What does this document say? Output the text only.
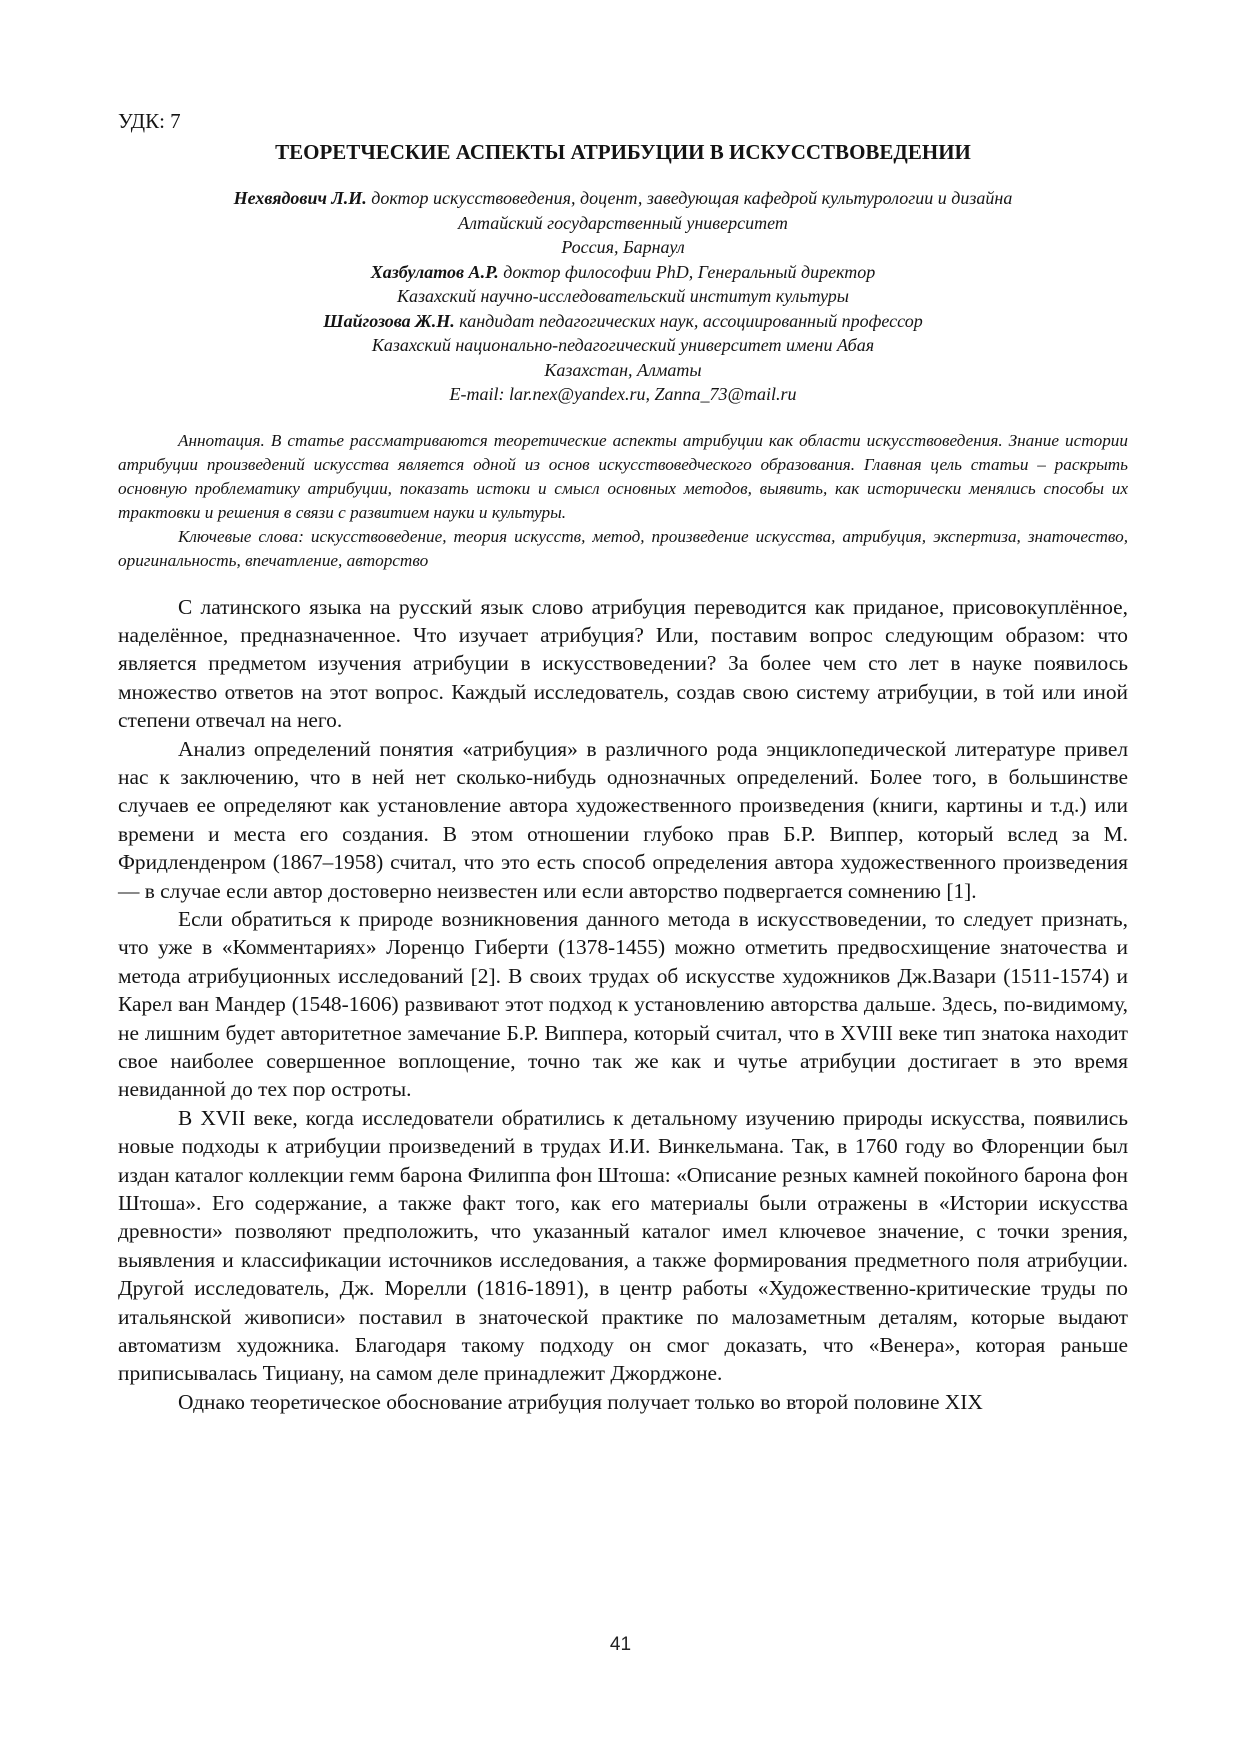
УДК: 7

ТЕОРЕТЧЕСКИЕ АСПЕКТЫ АТРИБУЦИИ В ИСКУССТВОВЕДЕНИИ
Нехвядович Л.И. доктор искусствоведения, доцент, заведующая кафедрой культурологии и дизайна
Алтайский государственный университет
Россия, Барнаул
Хазбулатов А.Р. доктор философии PhD, Генеральный директор
Казахский научно-исследовательский институт культуры
Шайгозова Ж.Н. кандидат педагогических наук, ассоциированный профессор
Казахский национально-педагогический университет имени Абая
Казахстан, Алматы
E-mail: lar.nex@yandex.ru, Zanna_73@mail.ru

Аннотация. В статье рассматриваются теоретические аспекты атрибуции как области искусствоведения. Знание истории атрибуции произведений искусства является одной из основ искусствоведческого образования. Главная цель статьи – раскрыть основную проблематику атрибуции, показать истоки и смысл основных методов, выявить, как исторически менялись способы их трактовки и решения в связи с развитием науки и культуры.

Ключевые слова: искусствоведение, теория искусств, метод, произведение искусства, атрибуция, экспертиза, знаточество, оригинальность, впечатление, авторство

С латинского языка на русский язык слово атрибуция переводится как приданое, присовокуплённое, наделённое, предназначенное. Что изучает атрибуция? Или, поставим вопрос следующим образом: что является предметом изучения атрибуции в искусствоведении? За более чем сто лет в науке появилось множество ответов на этот вопрос. Каждый исследователь, создав свою систему атрибуции, в той или иной степени отвечал на него.

Анализ определений понятия «атрибуция» в различного рода энциклопедической литературе привел нас к заключению, что в ней нет сколько-нибудь однозначных определений. Более того, в большинстве случаев ее определяют как установление автора художественного произведения (книги, картины и т.д.) или времени и места его создания. В этом отношении глубоко прав Б.Р. Виппер, который вслед за М. Фридленденром (1867–1958) считал, что это есть способ определения автора художественного произведения — в случае если автор достоверно неизвестен или если авторство подвергается сомнению [1].

Если обратиться к природе возникновения данного метода в искусствоведении, то следует признать, что уже в «Комментариях» Лоренцо Гиберти (1378-1455) можно отметить предвосхищение знаточества и метода атрибуционных исследований [2]. В своих трудах об искусстве художников Дж.Вазари (1511-1574) и Карел ван Мандер (1548-1606) развивают этот подход к установлению авторства дальше. Здесь, по-видимому, не лишним будет авторитетное замечание Б.Р. Виппера, который считал, что в XVIII веке тип знатока находит свое наиболее совершенное воплощение, точно так же как и чутье атрибуции достигает в это время невиданной до тех пор остроты.

В XVII веке, когда исследователи обратились к детальному изучению природы искусства, появились новые подходы к атрибуции произведений в трудах И.И. Винкельмана. Так, в 1760 году во Флоренции был издан каталог коллекции гемм барона Филиппа фон Штоша: «Описание резных камней покойного барона фон Штоша». Его содержание, а также факт того, как его материалы были отражены в «Истории искусства древности» позволяют предположить, что указанный каталог имел ключевое значение, с точки зрения, выявления и классификации источников исследования, а также формирования предметного поля атрибуции. Другой исследователь, Дж. Морелли (1816-1891), в центр работы «Художественно-критические труды по итальянской живописи» поставил в знаточеской практике по малозаметным деталям, которые выдают автоматизм художника. Благодаря такому подходу он смог доказать, что «Венера», которая раньше приписывалась Тициану, на самом деле принадлежит Джорджоне.

Однако теоретическое обоснование атрибуция получает только во второй половине XIX

41
